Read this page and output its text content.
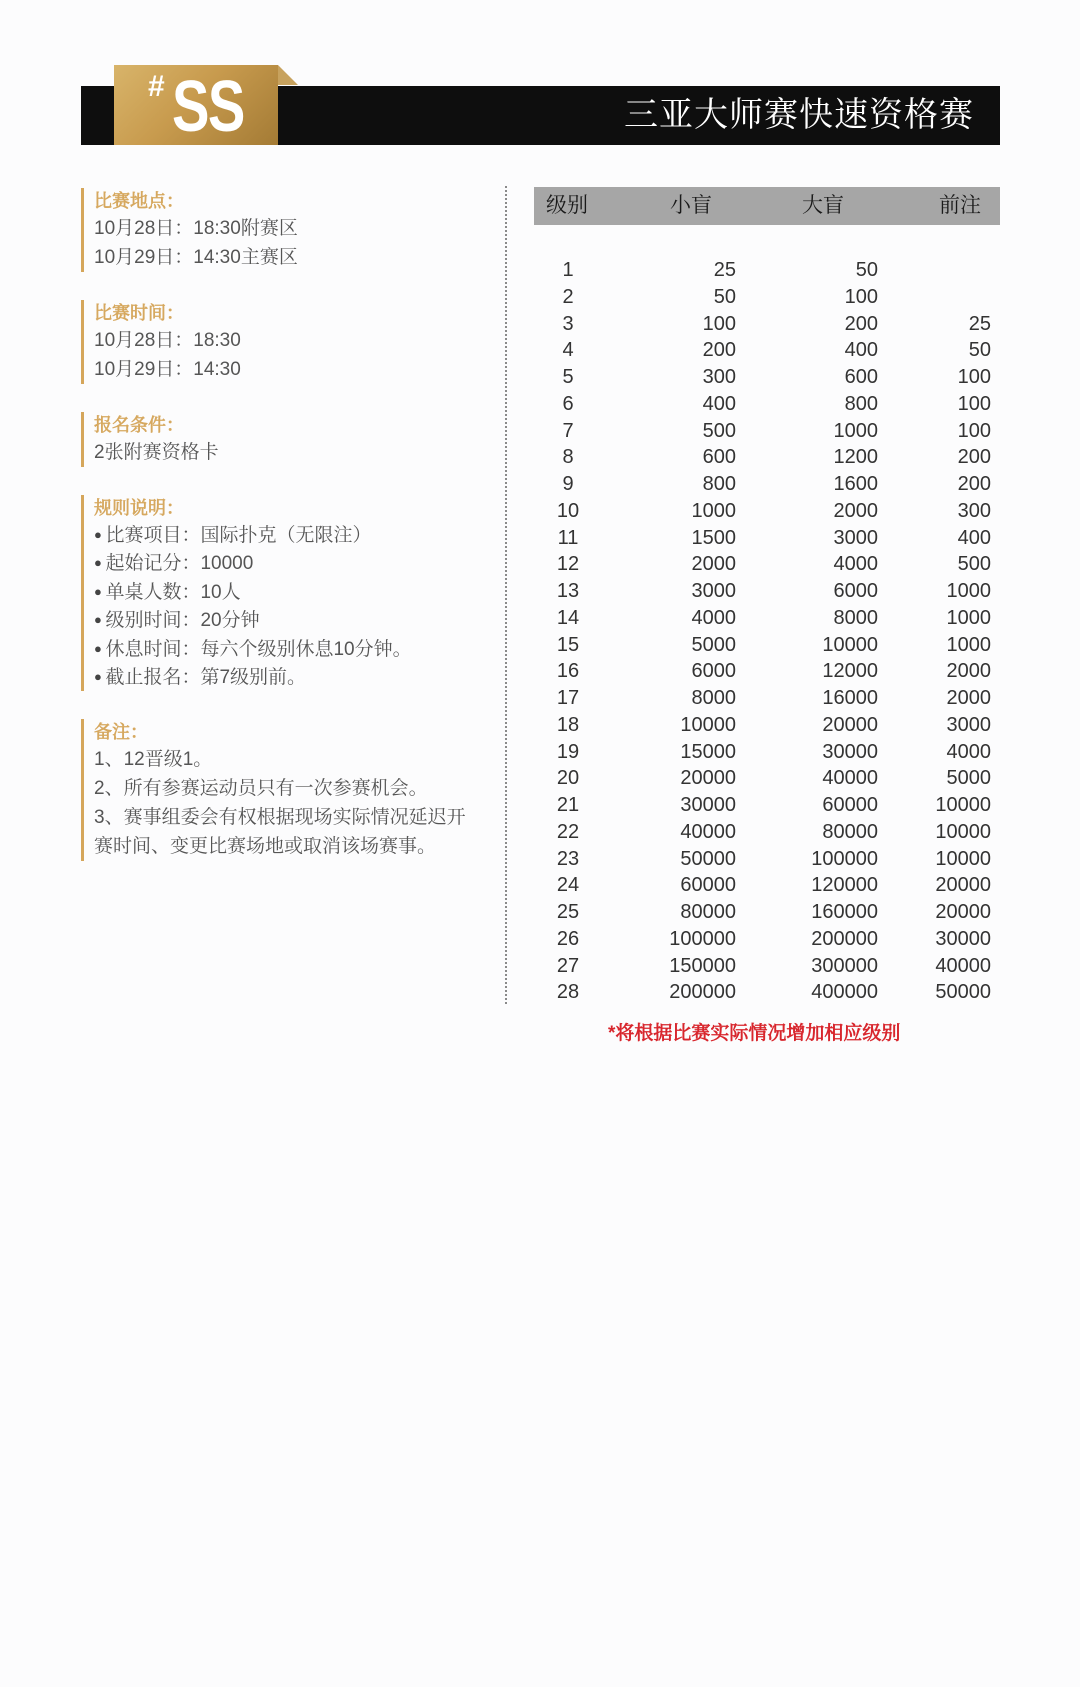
# SS	三亚大师赛快速资格赛
比赛地点：
10月28日：18:30附赛区
10月29日：14:30主赛区
比赛时间：
10月28日：18:30
10月29日：14:30
报名条件：
2张附赛资格卡
规则说明：
● 比赛项目：国际扑克（无限注）
● 起始记分：10000
● 单桌人数：10人
● 级别时间：20分钟
● 休息时间：每六个级别休息10分钟。
● 截止报名：第7级别前。
备注：
1、12晋级1。
2、所有参赛运动员只有一次参赛机会。
3、赛事组委会有权根据现场实际情况延迟开
赛时间、变更比赛场地或取消该场赛事。
级别	小盲	大盲	前注
1	25	50
2	50	100
3	100	200	25
4	200	400	50
5	300	600	100
6	400	800	100
7	500	1000	100
8	600	1200	200
9	800	1600	200
10	1000	2000	300
11	1500	3000	400
12	2000	4000	500
13	3000	6000	1000
14	4000	8000	1000
15	5000	10000	1000
16	6000	12000	2000
17	8000	16000	2000
18	10000	20000	3000
19	15000	30000	4000
20	20000	40000	5000
21	30000	60000	10000
22	40000	80000	10000
23	50000	100000	10000
24	60000	120000	20000
25	80000	160000	20000
26	100000	200000	30000
27	150000	300000	40000
28	200000	400000	50000
*将根据比赛实际情况增加相应级别
